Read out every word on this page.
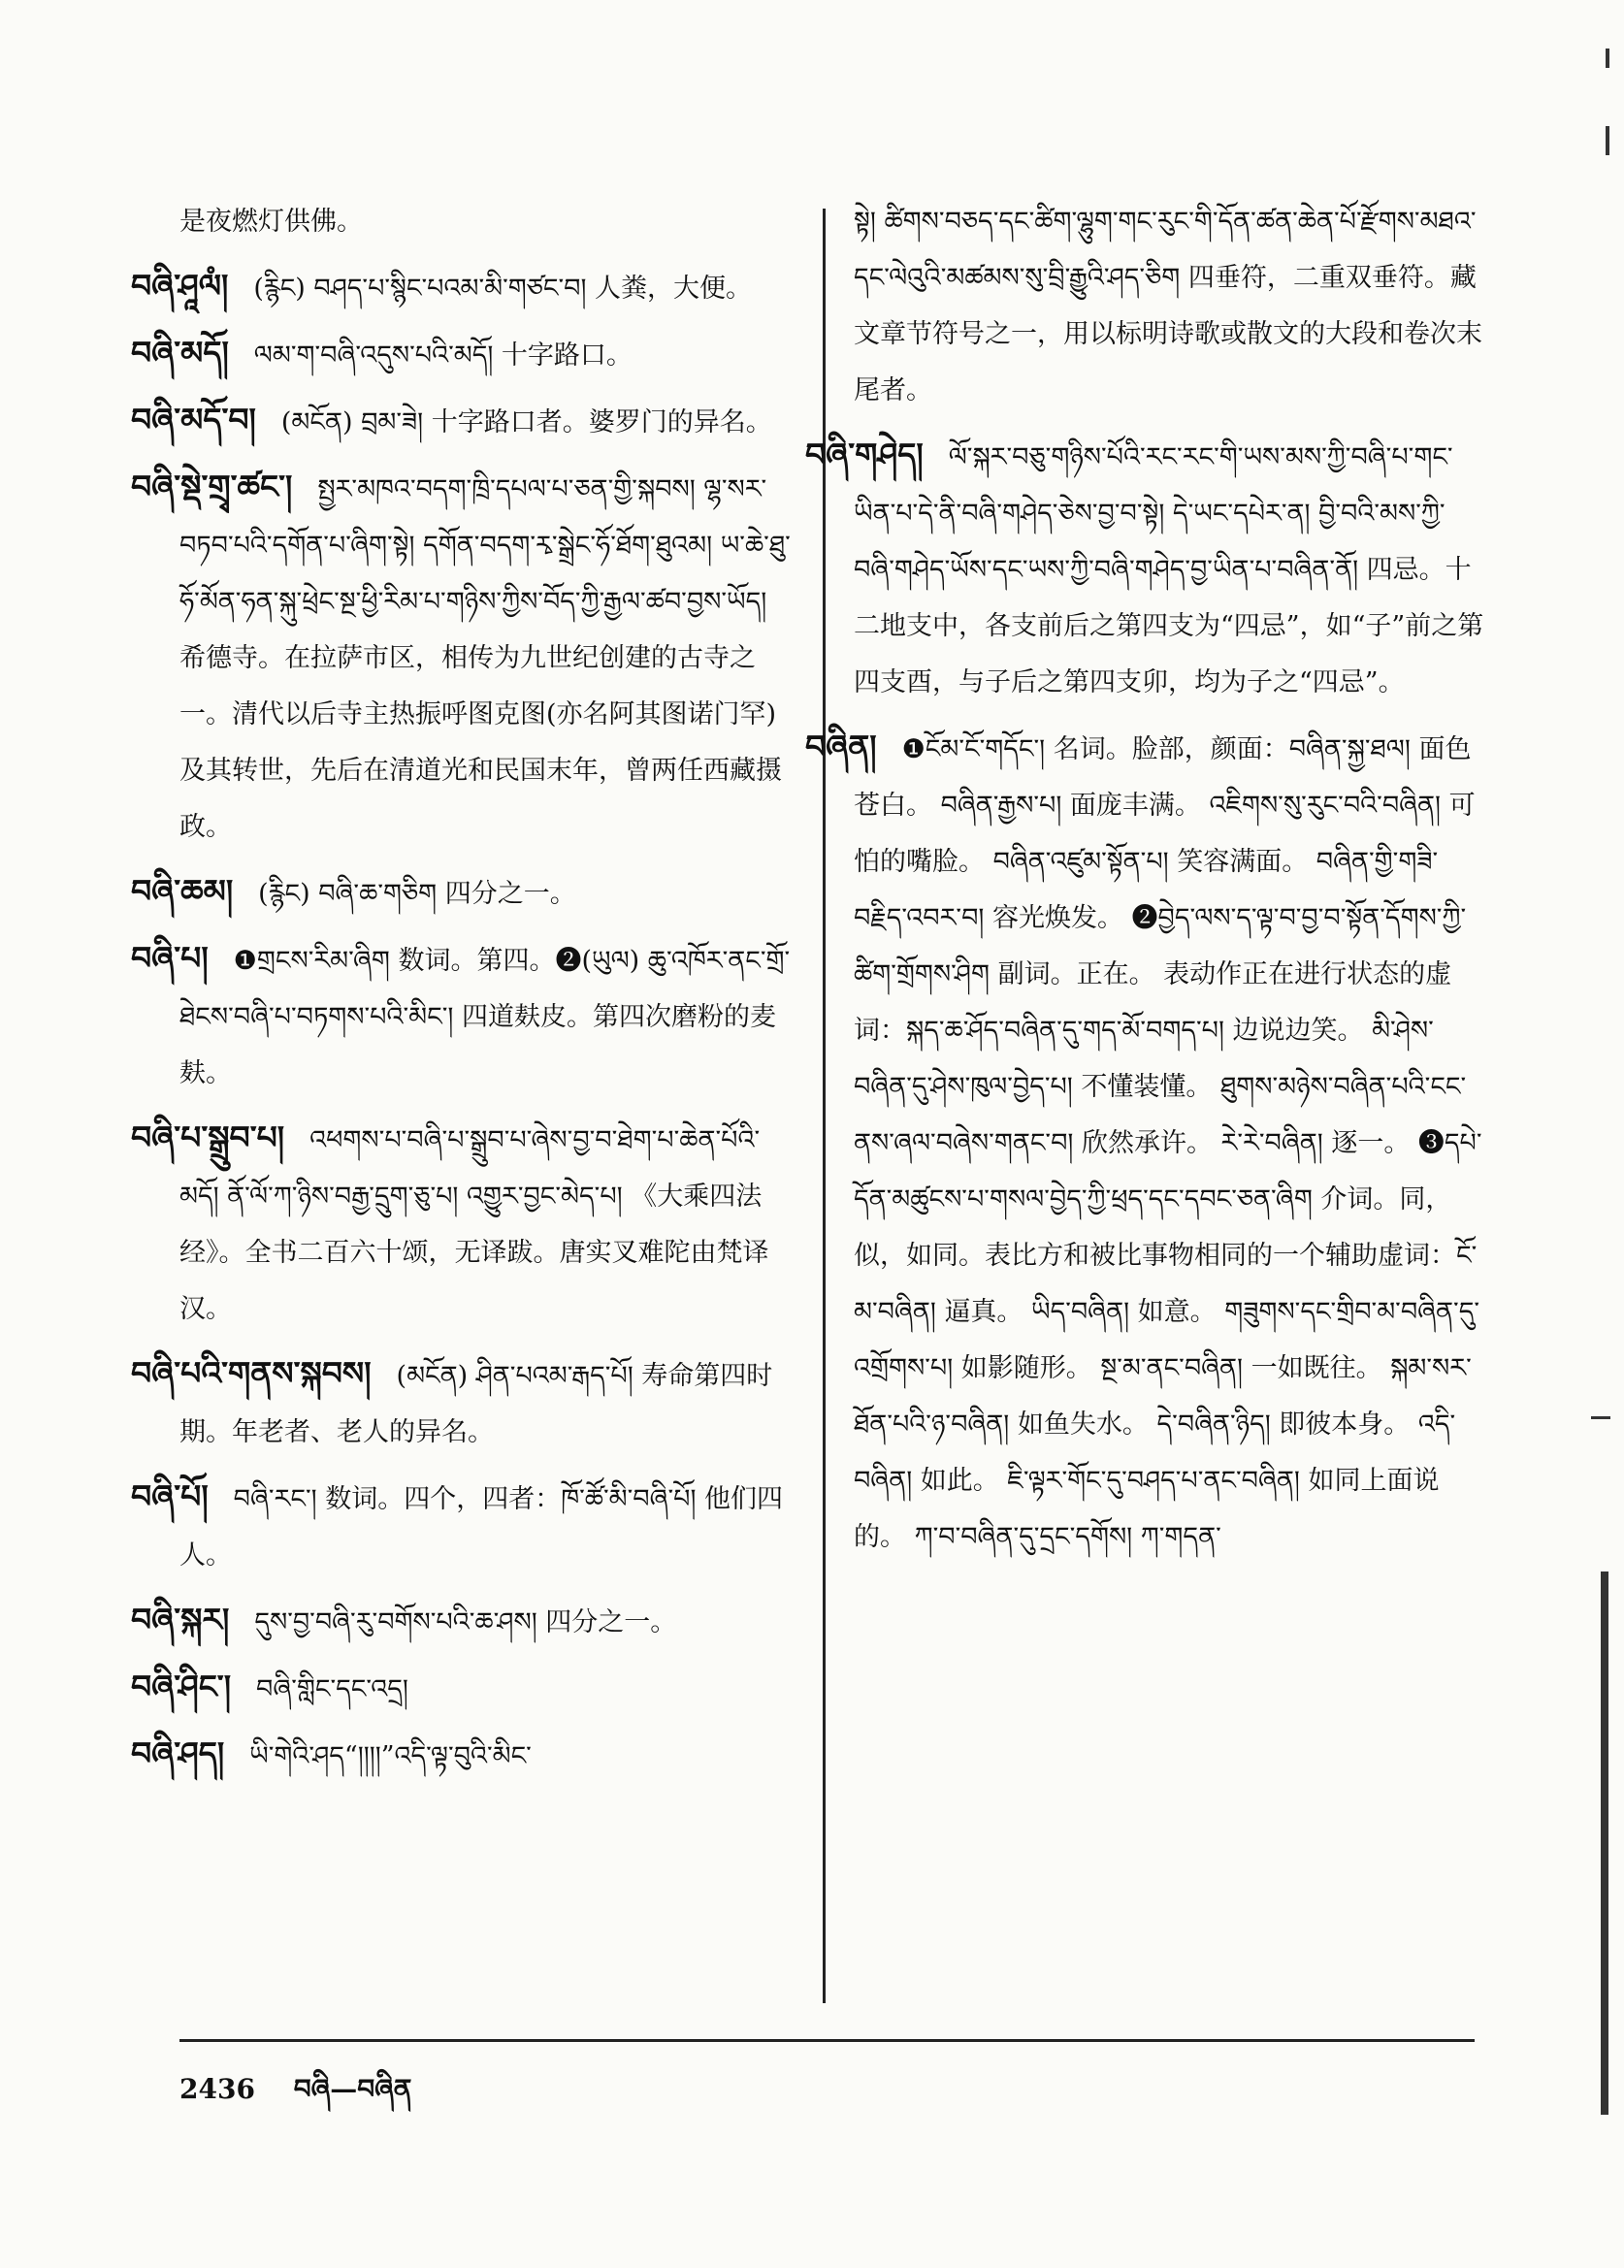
是夜燃灯供佛。
བཞི་ཤཱལཾ། (རྙིང) བཤད་པ་སྙིང་པའམ་མི་གཙང་བ། 人粪，大便。
བཞི་མདོ། ལམ་ག་བཞི་འདུས་པའི་མདོ། 十字路口。
བཞི་མདོ་བ། (མངོན) བྲམ་ཟེ། 十字路口者。婆罗门的异名。
བཞི་སྡེ་གྲྭ་ཚང་། སྤྱར་མཁའ་བདག་ཁྲི་དཔལ་པ་ཅན་གྱི་སྐབས། ལྷ་སར་བཏབ་པའི་དགོན་པ་ཞིག་སྟེ། དགོན་བདག་རྭ་སྒྲེང་ཧོ་ཐོག་ཐུའམ། ཡ་ཆེ་ཐུ་ཧོ་མོན་ཧན་སྐུ་ཕྲེང་སྔ་ཕྱི་རིམ་པ་གཉིས་ཀྱིས་བོད་ཀྱི་རྒྱལ་ཚབ་བྱས་ཡོད། 希德寺。在拉萨市区，相传为九世纪创建的古寺之一。清代以后寺主热振呼图克图(亦名阿其图诺门罕)及其转世，先后在清道光和民国末年，曾两任西藏摄政。
བཞི་ཆམ། (རྙིང) བཞི་ཆ་གཅིག 四分之一。
བཞི་པ། ❶གྲངས་རིམ་ཞིག 数词。第四。❷(ཡུལ) ཆུ་འཁོར་ནང་གྲོ་ཐེངས་བཞི་པ་བཏགས་པའི་མིང་། 四道麸皮。第四次磨粉的麦麸。
བཞི་པ་སྒྲུབ་པ། འཕགས་པ་བཞི་པ་སྒྲུབ་པ་ཞེས་བྱ་བ་ཐེག་པ་ཆེན་པོའི་མདོ། ནོ་ལོ་ཀ་ཉིས་བརྒྱ་དྲུག་ཅུ་པ། འགྱུར་བྱང་མེད་པ། 《大乘四法经》。全书二百六十颂，无译跋。唐实叉难陀由梵译汉。
བཞི་པའི་གནས་སྐབས། (མངོན) ཤིན་པའམ་རྒད་པོ། 寿命第四时期。年老者、老人的异名。
བཞི་པོ། བཞི་རང་། 数词。四个，四者：ཁོ་ཚོ་མི་བཞི་པོ། 他们四 人。
བཞི་སྐར། དུས་བྱ་བཞི་རུ་བགོས་པའི་ཆ་ཤས། 四分之一。
བཞི་ཤིང་། བཞི་གླིང་དང་འདྲ།
བཞི་ཤད། ཡི་གེའི་ཤད“།།།།”འདི་ལྟ་བུའི་མིང་
སྟེ། ཚིགས་བཅད་དང་ཚིག་ལྷུག་གང་རུང་གི་དོན་ཚན་ཆེན་པོ་རྫོགས་མཐའ་དང་ལེའུའི་མཚམས་སུ་བྲི་རྒྱུའི་ཤད་ཅིག 四垂符，二重双垂符。藏文章节符号之一，用以标明诗歌或散文的大段和卷次末尾者。
བཞི་གཤེད། ལོ་སྐར་བཅུ་གཉིས་པོའི་རང་རང་གི་ཡས་མས་ཀྱི་བཞི་པ་གང་ཡིན་པ་དེ་ནི་བཞི་གཤེད་ཅེས་བྱ་བ་སྟེ། དེ་ཡང་དཔེར་ན། བྱི་བའི་མས་ཀྱི་བཞི་གཤེད་ཡོས་དང་ཡས་ཀྱི་བཞི་གཤེད་བྱ་ཡིན་པ་བཞིན་ནོ། 四忌。十二地支中，各支前后之第四支为“四忌”，如“子”前之第四支酉，与子后之第四支卯，均为子之“四忌”。
བཞིན། ❶ངོམ་ངོ་གདོང་། 名词。脸部，颜面：བཞིན་སྐྱ་ཐལ། 面色苍白。 བཞིན་རྒྱས་པ། 面庞丰满。 འཇིགས་སུ་རུང་བའི་བཞིན། 可怕的嘴脸。 བཞིན་འཛུམ་སྟོན་པ། 笑容满面。 བཞིན་གྱི་གཟི་བརྗིད་འབར་བ། 容光焕发。 ❷བྱེད་ལས་ད་ལྟ་བ་བྱ་བ་སྟོན་དོགས་ཀྱི་ཚིག་གྲོགས་ཤིག 副词。正在。 表动作正在进行状态的虚词：སྐད་ཆ་ཤོད་བཞིན་དུ་གད་མོ་བགད་པ། 边说边笑。 མི་ཤེས་བཞིན་དུ་ཤེས་ཁུལ་བྱེད་པ། 不懂装懂。 ཐུགས་མཉེས་བཞིན་པའི་ངང་ནས་ཞལ་བཞེས་གནང་བ། 欣然承许。 རེ་རེ་བཞིན། 逐一。 ❸དཔེ་དོན་མཚུངས་པ་གསལ་བྱེད་ཀྱི་ཕྲད་དང་དབང་ཅན་ཞིག 介词。同，似，如同。表比方和被比事物相同的一个辅助虚词：ངོ་མ་བཞིན། 逼真。 ཡིད་བཞིན། 如意。 གཟུགས་དང་གྲིབ་མ་བཞིན་དུ་འགྲོགས་པ། 如影随形。 སྔ་མ་ནང་བཞིན། 一如既往。 སྐམ་སར་ཐོན་པའི་ཉ་བཞིན། 如鱼失水。 དེ་བཞིན་ཉིད། 即彼本身。 འདི་བཞིན། 如此。 ཇི་ལྟར་གོང་དུ་བཤད་པ་ནང་བཞིན། 如同上面说的。 ཀ་བ་བཞིན་དུ་དྲང་དགོས། ཀ་གདན་
2436 བཞི—བཞིན
